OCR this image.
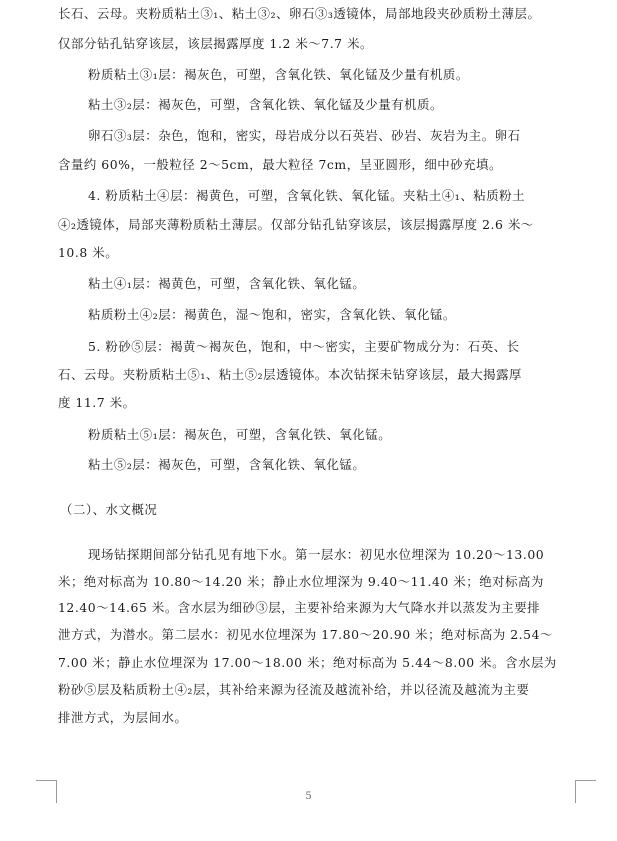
长石、云母。夹粉质粘土③₁、粘土③₂、卵石③₃透镜体，局部地段夹砂质粉土薄层。
仅部分钻孔钻穿该层，该层揭露厚度 1.2 米～7.7 米。
粉质粘土③₁层：褐灰色，可塑，含氧化铁、氧化锰及少量有机质。
粘土③₂层：褐灰色，可塑，含氧化铁、氧化锰及少量有机质。
卵石③₃层：杂色，饱和，密实，母岩成分以石英岩、砂岩、灰岩为主。卵石
含量约 60%，一般粒径 2～5cm，最大粒径 7cm，呈亚圆形，细中砂充填。
4. 粉质粘土④层：褐黄色，可塑，含氧化铁、氧化锰。夹粘土④₁、粘质粉土
④₂透镜体，局部夹薄粉质粘土薄层。仅部分钻孔钻穿该层，该层揭露厚度 2.6 米～
10.8 米。
粘土④₁层：褐黄色，可塑，含氧化铁、氧化锰。
粘质粉土④₂层：褐黄色，湿～饱和，密实，含氧化铁、氧化锰。
5. 粉砂⑤层：褐黄～褐灰色，饱和，中～密实，主要矿物成分为：石英、长
石、云母。夹粉质粘土⑤₁、粘土⑤₂层透镜体。本次钻探未钻穿该层，最大揭露厚
度 11.7 米。
粉质粘土⑤₁层：褐灰色，可塑，含氧化铁、氧化锰。
粘土⑤₂层：褐灰色，可塑，含氧化铁、氧化锰。
（二）、水文概况
现场钻探期间部分钻孔见有地下水。第一层水：初见水位埋深为 10.20～13.00
米；绝对标高为 10.80～14.20 米；静止水位埋深为 9.40～11.40 米；绝对标高为
12.40～14.65 米。含水层为细砂③层，主要补给来源为大气降水并以蒸发为主要排
泄方式，为潜水。第二层水：初见水位埋深为 17.80～20.90 米；绝对标高为 2.54～
7.00 米；静止水位埋深为 17.00～18.00 米；绝对标高为 5.44～8.00 米。含水层为
粉砂⑤层及粘质粉土④₂层，其补给来源为径流及越流补给，并以径流及越流为主要
排泄方式，为层间水。
5
